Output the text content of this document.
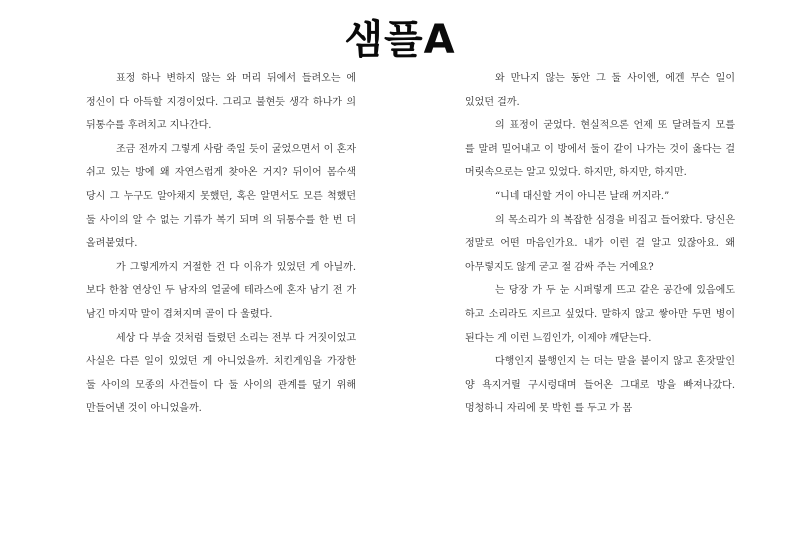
샘플A

표정 하나 변하지 않는 와 머리 뒤에서 들려오는 에 정신이 다 아득할 지경이었다. 그리고 불현듯 생각 하나가 의 뒤통수를 후려치고 지나간다.

조금 전까지 그렇게 사람 죽일 듯이 굴었으면서 이 혼자 쉬고 있는 방에 왜 자연스럽게 찾아온 거지? 뒤이어 몸수색 당시 그 누구도 알아채지 못했던, 혹은 알면서도 모른 척했던 둘 사이의 알 수 없는 기류가 복기 되며 의 뒤통수를 한 번 더 올려붙였다.

가 그렇게까지 거절한 건 다 이유가 있었던 게 아닐까. 보다 한참 연상인 두 남자의 얼굴에 테라스에 혼자 남기 전 가 남긴 마지막 말이 겹쳐지며 골이 다 울렸다.

세상 다 부술 것처럼 들렸던 소리는 전부 다 거짓이었고 사실은 다른 일이 있었던 게 아니었을까. 치킨게임을 가장한 둘 사이의 모종의 사건들이 다 둘 사이의 관계를 덮기 위해 만들어낸 것이 아니었을까.

와 만나지 않는 동안 그 둘 사이엔, 에겐 무슨 일이 있었던 걸까.

의 표정이 굳었다. 현실적으론 언제 또 달려들지 모를 를 말려 밀어내고 이 방에서 둘이 같이 나가는 것이 옳다는 걸 머릿속으로는 알고 있었다. 하지만, 하지만, 하지만.

“니네 대신할 거이 아니믄 날래 꺼지라.”

의 목소리가 의 복잡한 심경을 비집고 들어왔다. 당신은 정말로 어떤 마음인가요. 내가 이런 걸 알고 있잖아요. 왜 아무렇지도 않게 굳고 절 감싸 주는 거예요?

는 당장 가 두 눈 시퍼렇게 뜨고 같은 공간에 있음에도 하고 소리라도 지르고 싶었다. 말하지 않고 쌓아만 두면 병이 된다는 게 이런 느낌인가, 이제야 깨닫는다.

다행인지 불행인지 는 더는 말을 붙이지 않고 혼잣말인 양 욕지거릴 구시렁대며 들어온 그대로 방을 빠져나갔다. 멍청하니 자리에 못 박힌 를 두고 가 몸
